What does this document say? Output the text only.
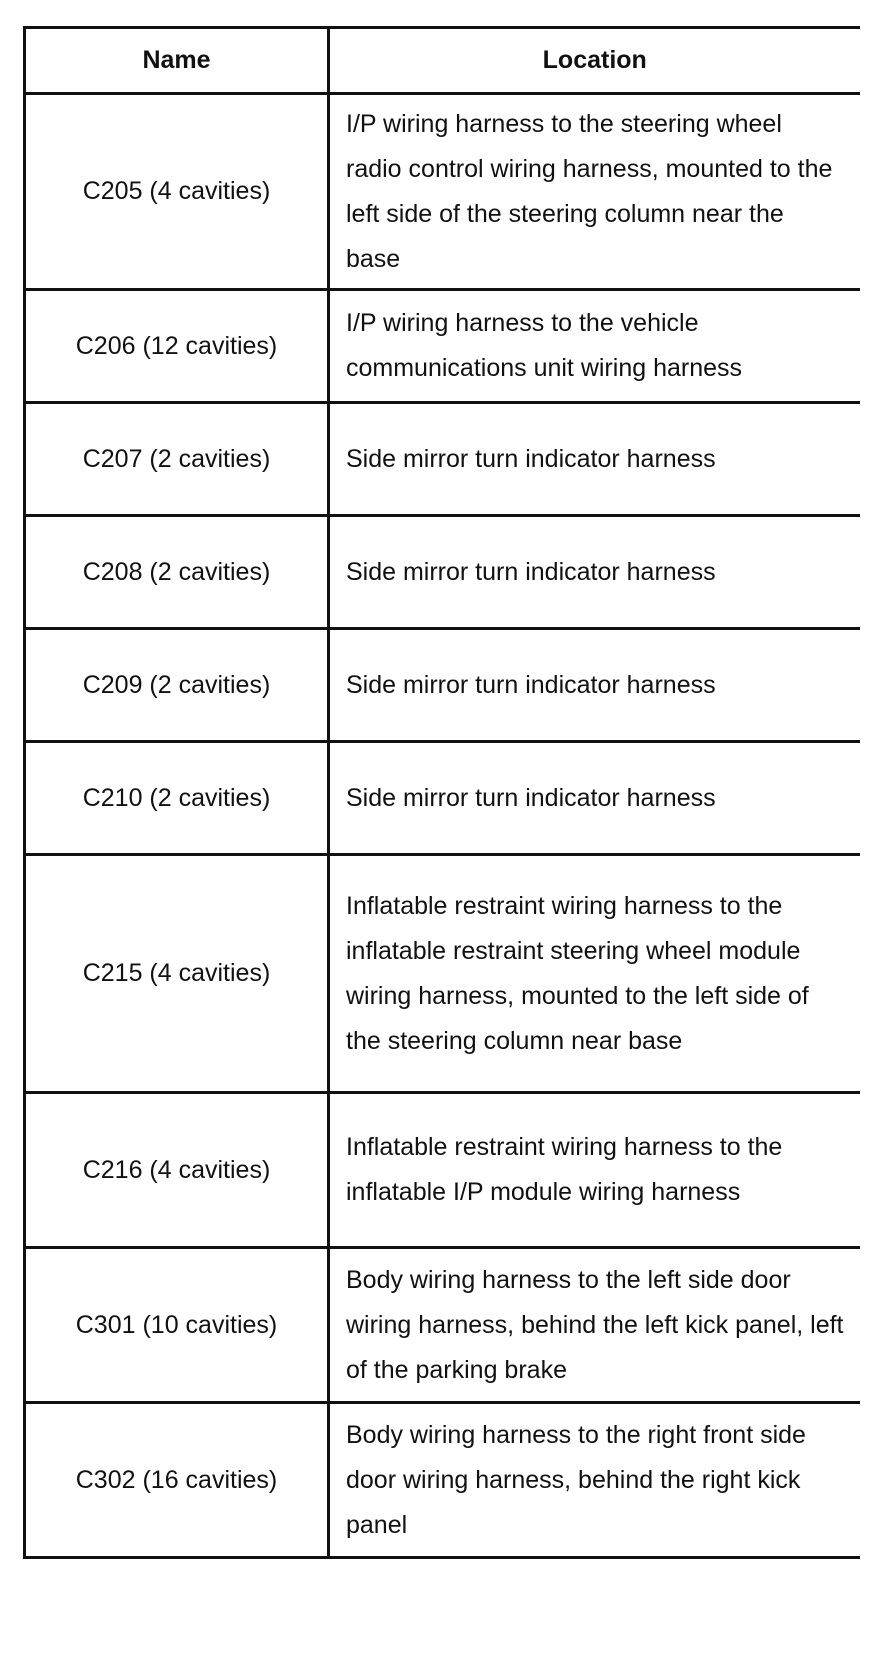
Name	Location
C205 (4 cavities)	I/P wiring harness to the steering wheel radio control wiring harness, mounted to the left side of the steering column near the base
C206 (12 cavities)	I/P wiring harness to the vehicle communications unit wiring harness
C207 (2 cavities)	Side mirror turn indicator harness
C208 (2 cavities)	Side mirror turn indicator harness
C209 (2 cavities)	Side mirror turn indicator harness
C210 (2 cavities)	Side mirror turn indicator harness
C215 (4 cavities)	Inflatable restraint wiring harness to the inflatable restraint steering wheel module wiring harness, mounted to the left side of the steering column near base
C216 (4 cavities)	Inflatable restraint wiring harness to the inflatable I/P module wiring harness
C301 (10 cavities)	Body wiring harness to the left side door wiring harness, behind the left kick panel, left of the parking brake
C302 (16 cavities)	Body wiring harness to the right front side door wiring harness, behind the right kick panel
